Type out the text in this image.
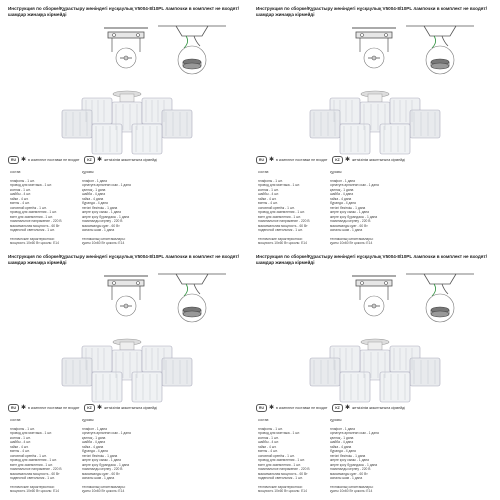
Инструкция по сборке/Құрастыру жөніндегі нұсқаулық V5004-8/10PL лампочки в комплект не входят/шамдар жинаққа кірмейді
RU ✱ в комплект поставки не входят	KZ ✱ жеткізілім жиынтығына кірмейді
состав:
плафоны - 1 шт.
провод для монтажа - 1 шт.
колпак - 1 шт.
шайбы - 4 шт.
гайки - 4 шт.
винты - 4 шт.
основной крепёж - 1 шт.
провод для заземления - 1 шт.
винт для заземления - 1 шт.
номинальное напряжение - 220 В
максимальная мощность - 60 Вт
подвесной светильник - 1 шт.
технические характеристики:
мощность 10х60 Вт цоколь: Е14
құрамы:
плафон - 1 дана
орнатуға арналған сым - 1 дана
қалпақ - 1 дана
шайба - 4 дана
гайка - 4 дана
бұранда - 4 дана
негізгі бекіткіш - 1 дана
жерге қосу сымы - 1 дана
жерге қосу бұрандасы - 1 дана
номиналды кернеу - 220 В
максималды қуат - 60 Вт
аспалы шам - 1 дана
техникалық сипаттамалары:
қуаты 10х60 Вт цоколь: Е14
Инструкция по сборке/Құрастыру жөніндегі нұсқаулық V5004-8/10PL лампочки в комплект не входят/шамдар жинаққа кірмейді
RU ✱ в комплект поставки не входят	KZ ✱ жеткізілім жиынтығына кірмейді
состав:
плафоны - 1 шт.
провод для монтажа - 1 шт.
колпак - 1 шт.
шайбы - 4 шт.
гайки - 4 шт.
винты - 4 шт.
основной крепёж - 1 шт.
провод для заземления - 1 шт.
винт для заземления - 1 шт.
номинальное напряжение - 220 В
максимальная мощность - 60 Вт
подвесной светильник - 1 шт.
технические характеристики:
мощность 10х60 Вт цоколь: Е14
құрамы:
плафон - 1 дана
орнатуға арналған сым - 1 дана
қалпақ - 1 дана
шайба - 4 дана
гайка - 4 дана
бұранда - 4 дана
негізгі бекіткіш - 1 дана
жерге қосу сымы - 1 дана
жерге қосу бұрандасы - 1 дана
номиналды кернеу - 220 В
максималды қуат - 60 Вт
аспалы шам - 1 дана
техникалық сипаттамалары:
қуаты 10х60 Вт цоколь: Е14
Инструкция по сборке/Құрастыру жөніндегі нұсқаулық V5004-8/10PL лампочки в комплект не входят/шамдар жинаққа кірмейді
RU ✱ в комплект поставки не входят	KZ ✱ жеткізілім жиынтығына кірмейді
состав:
плафоны - 1 шт.
провод для монтажа - 1 шт.
колпак - 1 шт.
шайбы - 4 шт.
гайки - 4 шт.
винты - 4 шт.
основной крепёж - 1 шт.
провод для заземления - 1 шт.
винт для заземления - 1 шт.
номинальное напряжение - 220 В
максимальная мощность - 60 Вт
подвесной светильник - 1 шт.
технические характеристики:
мощность 10х60 Вт цоколь: Е14
құрамы:
плафон - 1 дана
орнатуға арналған сым - 1 дана
қалпақ - 1 дана
шайба - 4 дана
гайка - 4 дана
бұранда - 4 дана
негізгі бекіткіш - 1 дана
жерге қосу сымы - 1 дана
жерге қосу бұрандасы - 1 дана
номиналды кернеу - 220 В
максималды қуат - 60 Вт
аспалы шам - 1 дана
техникалық сипаттамалары:
қуаты 10х60 Вт цоколь: Е14
Инструкция по сборке/Құрастыру жөніндегі нұсқаулық V5004-8/10PL лампочки в комплект не входят/шамдар жинаққа кірмейді
RU ✱ в комплект поставки не входят	KZ ✱ жеткізілім жиынтығына кірмейді
состав:
плафоны - 1 шт.
провод для монтажа - 1 шт.
колпак - 1 шт.
шайбы - 4 шт.
гайки - 4 шт.
винты - 4 шт.
основной крепёж - 1 шт.
провод для заземления - 1 шт.
винт для заземления - 1 шт.
номинальное напряжение - 220 В
максимальная мощность - 60 Вт
подвесной светильник - 1 шт.
технические характеристики:
мощность 10х60 Вт цоколь: Е14
құрамы:
плафон - 1 дана
орнатуға арналған сым - 1 дана
қалпақ - 1 дана
шайба - 4 дана
гайка - 4 дана
бұранда - 4 дана
негізгі бекіткіш - 1 дана
жерге қосу сымы - 1 дана
жерге қосу бұрандасы - 1 дана
номиналды кернеу - 220 В
максималды қуат - 60 Вт
аспалы шам - 1 дана
техникалық сипаттамалары:
қуаты 10х60 Вт цоколь: Е14
